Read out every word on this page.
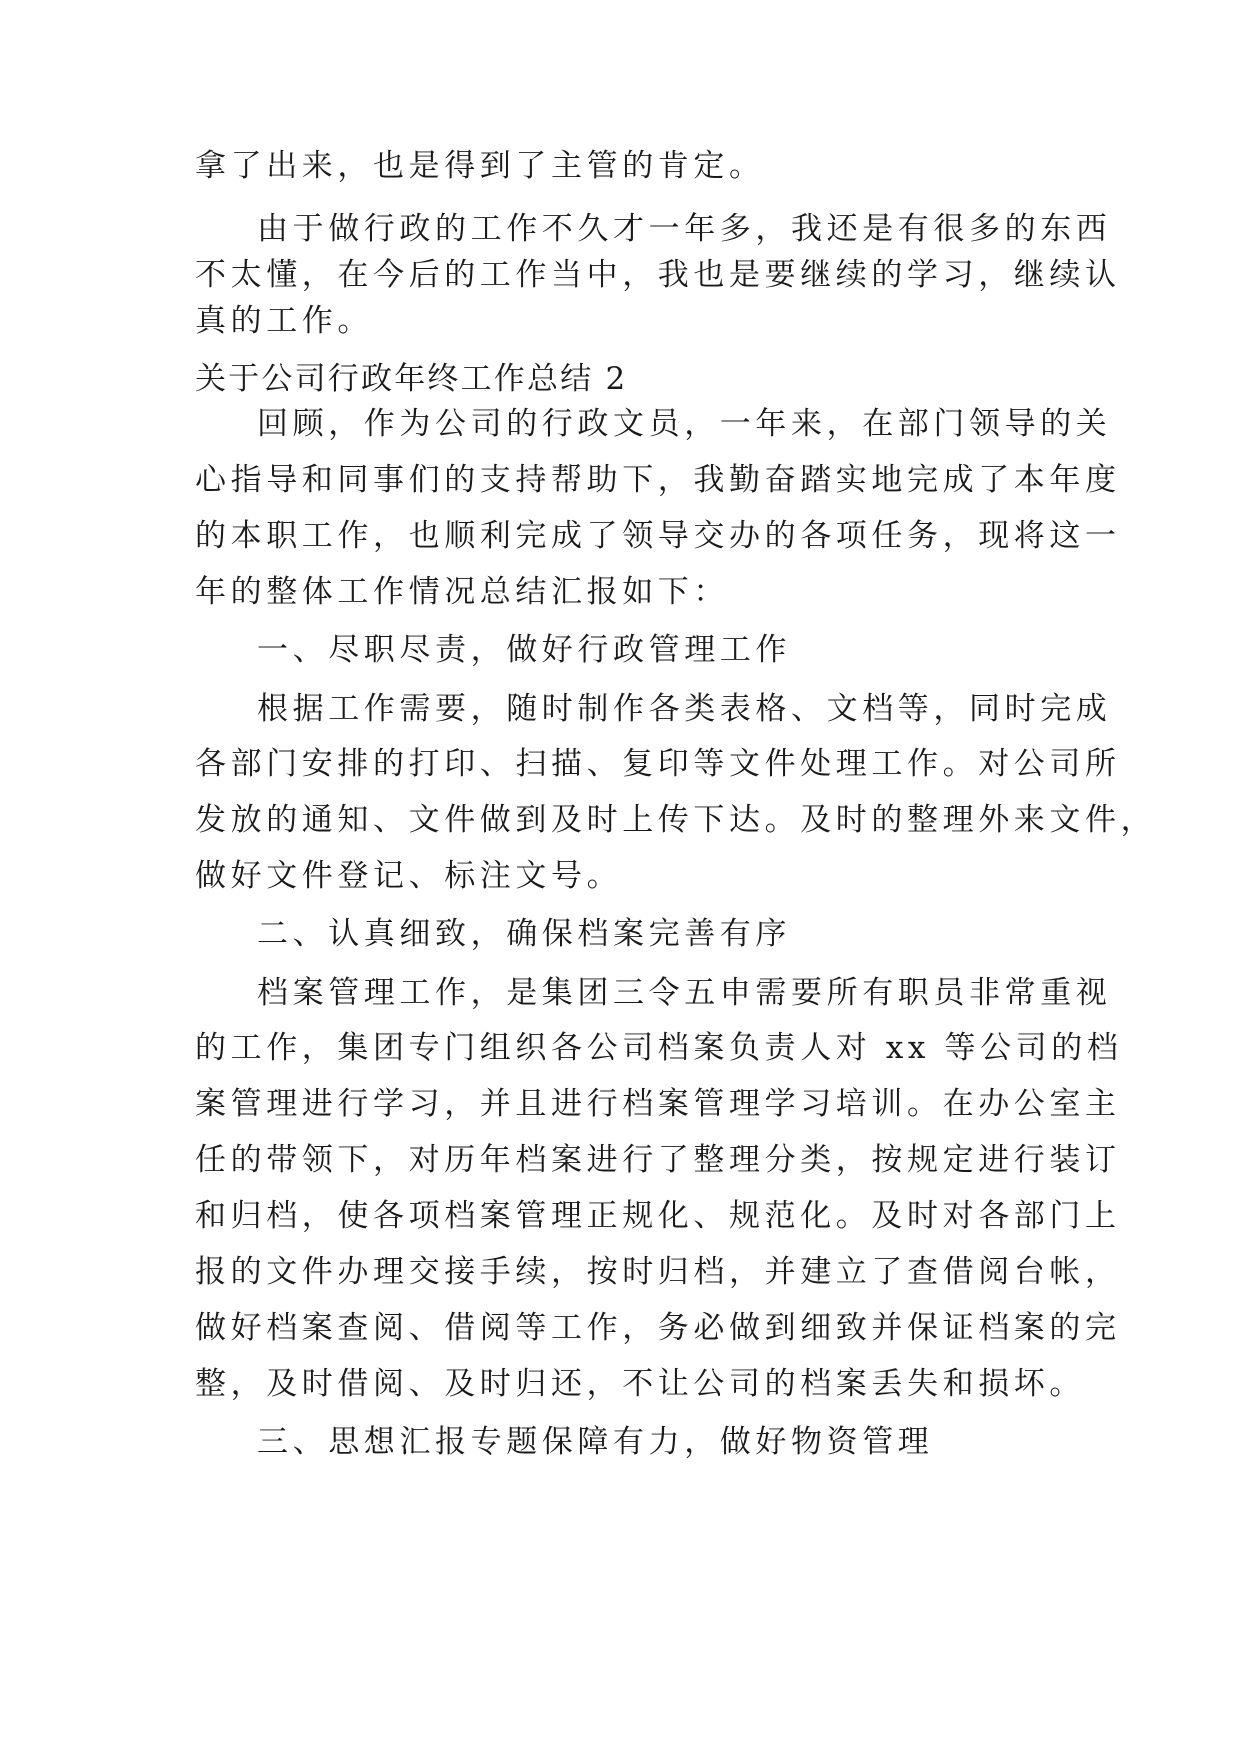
拿了出来，也是得到了主管的肯定。

由于做行政的工作不久才一年多，我还是有很多的东西

不太懂，在今后的工作当中，我也是要继续的学习，继续认

真的工作。

关于公司行政年终工作总结 2

回顾，作为公司的行政文员，一年来，在部门领导的关

心指导和同事们的支持帮助下，我勤奋踏实地完成了本年度

的本职工作，也顺利完成了领导交办的各项任务，现将这一

年的整体工作情况总结汇报如下：

一、尽职尽责，做好行政管理工作

根据工作需要，随时制作各类表格、文档等，同时完成

各部门安排的打印、扫描、复印等文件处理工作。对公司所

发放的通知、文件做到及时上传下达。及时的整理外来文件，

做好文件登记、标注文号。

二、认真细致，确保档案完善有序

档案管理工作，是集团三令五申需要所有职员非常重视

的工作，集团专门组织各公司档案负责人对 xx 等公司的档

案管理进行学习，并且进行档案管理学习培训。在办公室主

任的带领下，对历年档案进行了整理分类，按规定进行装订

和归档，使各项档案管理正规化、规范化。及时对各部门上

报的文件办理交接手续，按时归档，并建立了查借阅台帐，

做好档案查阅、借阅等工作，务必做到细致并保证档案的完

整，及时借阅、及时归还，不让公司的档案丢失和损坏。

三、思想汇报专题保障有力，做好物资管理
